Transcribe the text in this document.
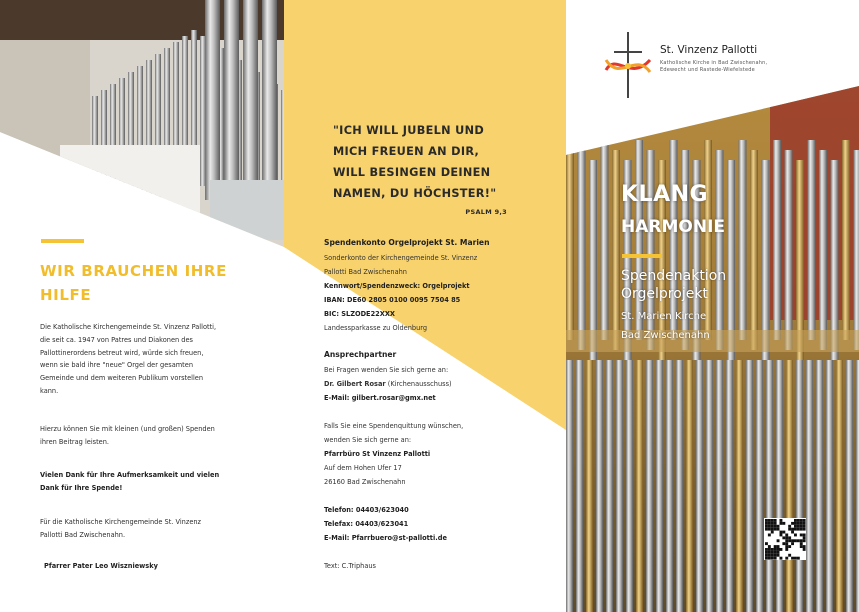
St. Vinzenz Pallotti
Katholische Kirche in Bad Zwischenahn,
Edewecht und Rastede-Wiefelstede
WIR BRAUCHEN IHRE
HILFE
Die Katholische Kirchengemeinde St. Vinzenz Pallotti,
die seit ca. 1947 von Patres und Diakonen des
Pallottinerordens betreut wird, würde sich freuen,
wenn sie bald ihre "neue" Orgel der gesamten
Gemeinde und dem weiteren Publikum vorstellen
kann.
Hierzu können Sie mit kleinen (und großen) Spenden
ihren Beitrag leisten.
Vielen Dank für Ihre Aufmerksamkeit und vielen
Dank für Ihre Spende!
Für die Katholische Kirchengemeinde St. Vinzenz
Pallotti Bad Zwischenahn.
Pfarrer Pater Leo Wiszniewsky
"ICH WILL JUBELN UND
MICH FREUEN AN DIR,
WILL BESINGEN DEINEN
NAMEN, DU HÖCHSTER!"
PSALM 9,3
Spendenkonto Orgelprojekt St. Marien
Sonderkonto der Kirchengemeinde St. Vinzenz
Pallotti Bad Zwischenahn
Kennwort/Spendenzweck: Orgelprojekt
IBAN: DE60 2805 0100 0095 7504 85
BIC: SLZODE22XXX
Landessparkasse zu Oldenburg
Ansprechpartner
Bei Fragen wenden Sie sich gerne an:
Dr. Gilbert Rosar (Kirchenausschuss)
E-Mail: gilbert.rosar@gmx.net
Falls Sie eine Spendenquittung wünschen,
wenden Sie sich gerne an:
Pfarrbüro St Vinzenz Pallotti
Auf dem Hohen Ufer 17
26160 Bad Zwischenahn
Telefon: 04403/623040
Telefax: 04403/623041
E-Mail: Pfarrbuero@st-pallotti.de
Text: C.Triphaus
KLANG
HARMONIE
Spendenaktion
Orgelprojekt
St. Marien Kirche
Bad Zwischenahn
